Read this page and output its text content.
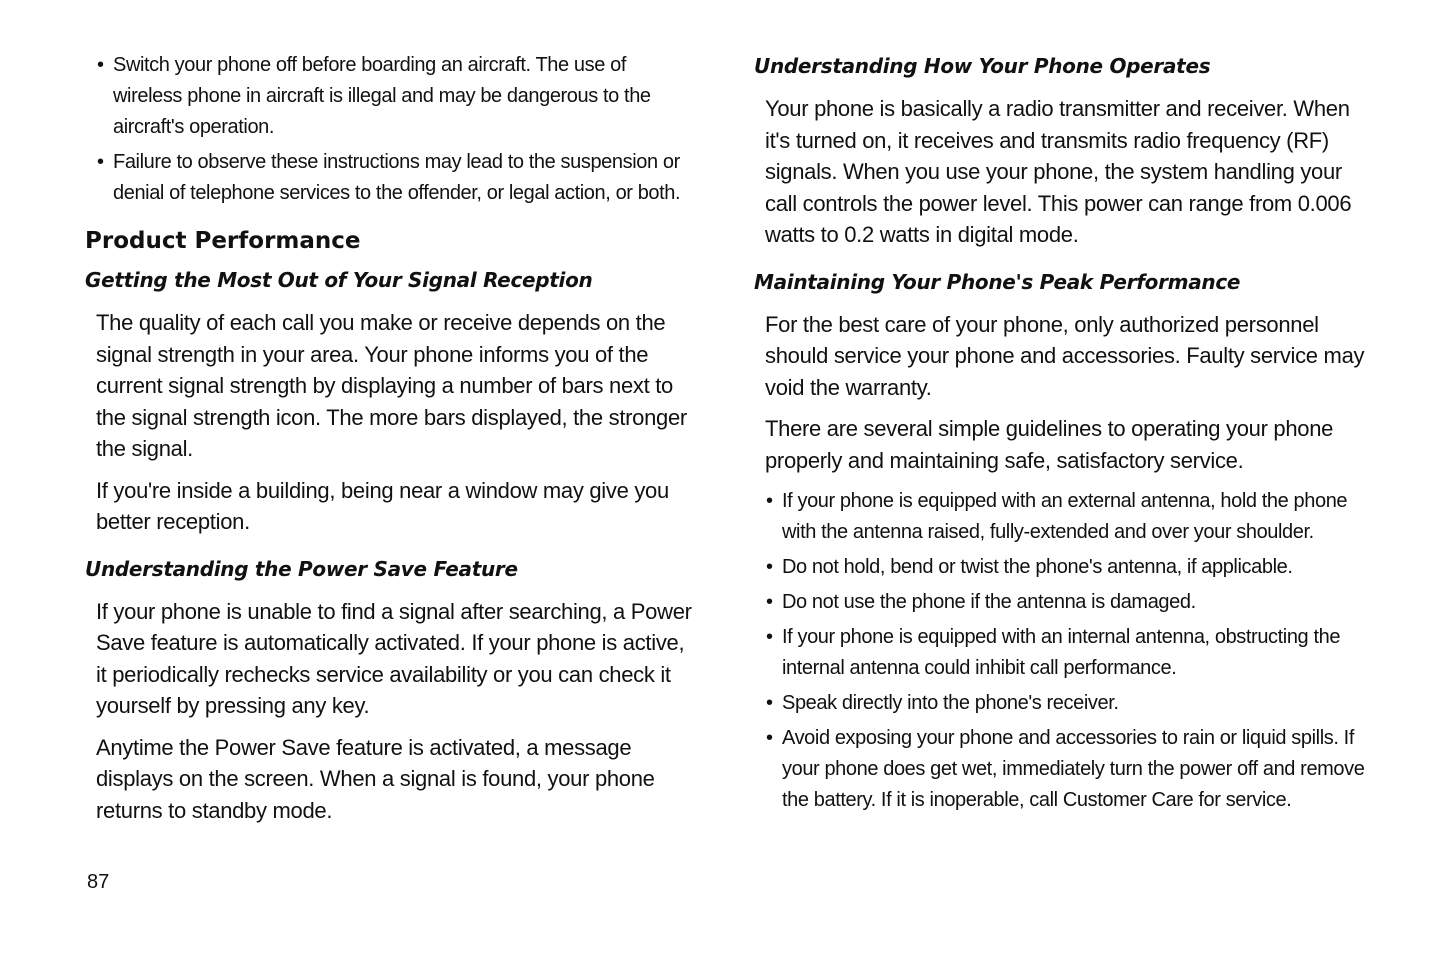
• Switch your phone off before boarding an aircraft. The use of wireless phone in aircraft is illegal and may be dangerous to the aircraft's operation.
• Failure to observe these instructions may lead to the suspension or denial of telephone services to the offender, or legal action, or both.
Product Performance
Getting the Most Out of Your Signal Reception

The quality of each call you make or receive depends on the signal strength in your area. Your phone informs you of the current signal strength by displaying a number of bars next to the signal strength icon. The more bars displayed, the stronger the signal.

If you're inside a building, being near a window may give you better reception.

Understanding the Power Save Feature

If your phone is unable to find a signal after searching, a Power Save feature is automatically activated. If your phone is active, it periodically rechecks service availability or you can check it yourself by pressing any key.

Anytime the Power Save feature is activated, a message displays on the screen. When a signal is found, your phone returns to standby mode.

Understanding How Your Phone Operates

Your phone is basically a radio transmitter and receiver. When it's turned on, it receives and transmits radio frequency (RF) signals. When you use your phone, the system handling your call controls the power level. This power can range from 0.006 watts to 0.2 watts in digital mode.

Maintaining Your Phone's Peak Performance

For the best care of your phone, only authorized personnel should service your phone and accessories. Faulty service may void the warranty.

There are several simple guidelines to operating your phone properly and maintaining safe, satisfactory service.

• If your phone is equipped with an external antenna, hold the phone with the antenna raised, fully-extended and over your shoulder.
• Do not hold, bend or twist the phone's antenna, if applicable.
• Do not use the phone if the antenna is damaged.
• If your phone is equipped with an internal antenna, obstructing the internal antenna could inhibit call performance.
• Speak directly into the phone's receiver.
• Avoid exposing your phone and accessories to rain or liquid spills. If your phone does get wet, immediately turn the power off and remove the battery. If it is inoperable, call Customer Care for service.
87
